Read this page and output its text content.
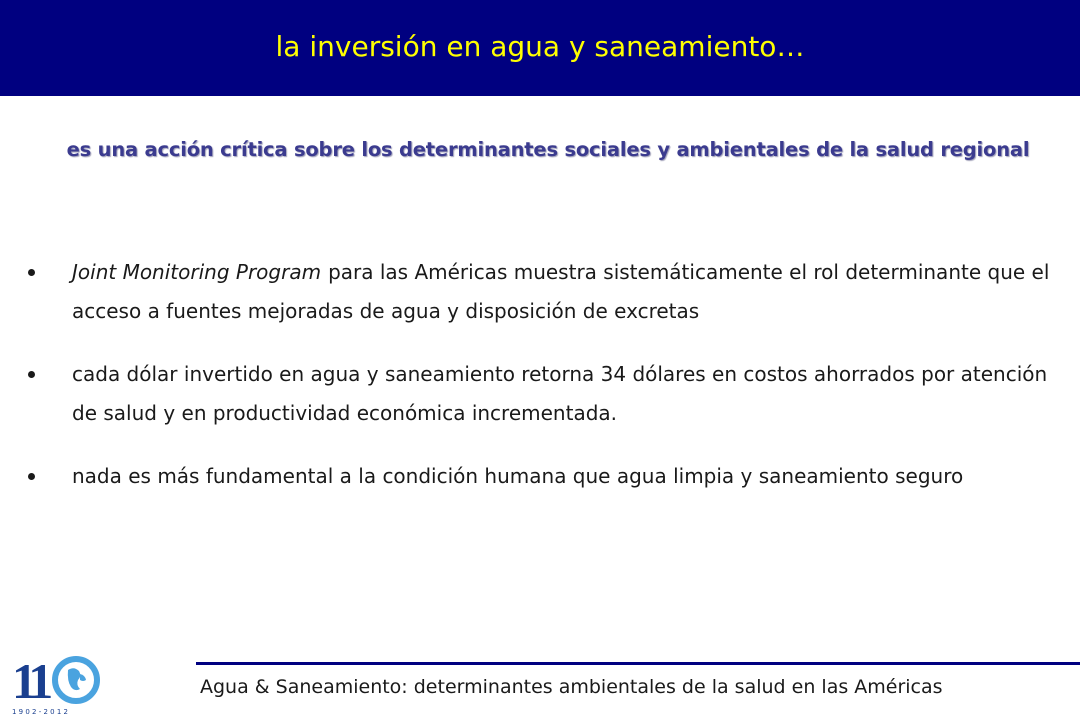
la inversión en agua y saneamiento…

es una acción crítica sobre los determinantes sociales y ambientales de la salud regional

Joint Monitoring Program para las Américas muestra sistemáticamente el rol determinante que el acceso a fuentes mejoradas de agua y disposición de excretas
cada dólar invertido en agua y saneamiento retorna 34 dólares en costos ahorrados por atención de salud y en productividad económica incrementada.
nada es más fundamental a la condición humana que agua limpia y saneamiento seguro
11
1 9 0 2 - 2 0 1 2
Agua & Saneamiento: determinantes ambientales de la salud en las Américas
